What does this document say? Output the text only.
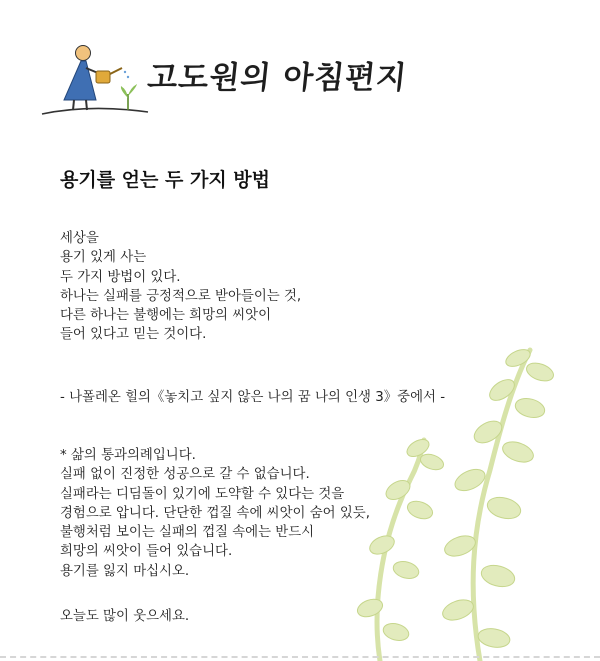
고도원의 아침편지
용기를 얻는 두 가지 방법
세상을
용기 있게 사는
두 가지 방법이 있다.
하나는 실패를 긍정적으로 받아들이는 것,
다른 하나는 불행에는 희망의 씨앗이
들어 있다고 믿는 것이다.
- 나폴레온 힐의《놓치고 싶지 않은 나의 꿈 나의 인생 3》중에서 -
* 삶의 통과의례입니다.
실패 없이 진정한 성공으로 갈 수 없습니다.
실패라는 디딤돌이 있기에 도약할 수 있다는 것을
경험으로 압니다. 단단한 껍질 속에 씨앗이 숨어 있듯,
불행처럼 보이는 실패의 껍질 속에는 반드시
희망의 씨앗이 들어 있습니다.
용기를 잃지 마십시오.
오늘도 많이 웃으세요.
